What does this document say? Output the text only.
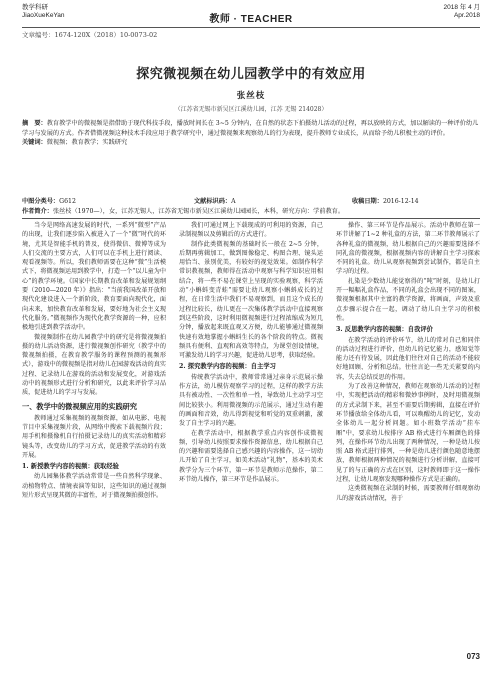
教学科研
JiaoXueKeYan	教师 · TEACHER
2018 年 4 月
Apr.2018
文章编号：1674-120X（2018）10-0073-02
探究微视频在幼儿园教学中的有效应用
张丝枝
（江苏省无锡市新吴区江溪幼儿园，江苏 无锡 214028）
摘　要：教育教学中的微视频是指借助于现代科技手段，播放时间长在 3~5 分钟内，在自然的状态下拍摄幼儿活动的过程，再以放映的方式，加以解读的一种评价幼儿学习与发展的方式。作者借微视频这种技术手段应用于教学研究中，通过微视频来观察幼儿的行为表现，提升教师专业成长，从而给予幼儿积极主动的评价。
关键词：微视频；教育教学；实践研究
中图分类号：G612	文献标识码：A	收稿日期：2016-12-14
作者简介：张丝枝（1970—），女，江苏无锡人，江苏省无锡市新吴区江溪幼儿园园长，本科，研究方向：学前教育。

当今是网络高速发展的时代，一系列“微型”产品的出现，让我们逐步陷入被进入了一个“微”时代的环境，尤其是智能手机的普及，使得微信、微博等成为人们交流的主要方式，人们可以在手机上进行阅读、观看视频等。所以，我们教师需要在这种“微”生活模式下，将微视频运用到教学中，打造一个“以儿童为中心”的教学环境。《国家中长期教育改革和发展规划纲要（2010—2020 年）》指出：“当前我国改革开放和现代化建设进入一个新阶段，教育要面向现代化，面向未来，加快教育改革和发展，要好地为社会主义现代化服务。”微视频作为现代化教学资源的一种，应积极地引进到教学活动中。

微视频制作在幼儿园教学中的研究是将微视频拍摄的幼儿活动资源，进行微视频创作研究（教学中的微视频拍摄，在教育教学服务的课程预测的视频形式），游戏中的微视频是指对幼儿在园游戏活动的真实过程、记录幼儿在游戏的活动和发展变化，对游戏活动中的视频形式进行分析和研究，以此来评价学习品质，促进幼儿的学习与发展。

一、教学中的微视频应用的实践研究

教师通过采集视频的视频资源，如从电影、电视节目中采集视频片段，从网络中搜索下载视频片段；用手机和摄像机自行拍摄记录幼儿的真实活动和精彩镜头等，改变幼儿的学习方式，促进教学活动的有效开展。

1. 新授教学内容的视频：获取经验

幼儿园集体教学活动常常是一些自然科学现象、动植物特点、情境表演等知识，这些知识的通过视频短片形式呈现其微的丰富性，对于微视频拍摄创作。

我们可通过网上下载现成的可利用的资源，自己录制视频以及剪辑后的方式进行。

制作此类微视频的基础时长一般在 2~5 分钟，后期再剪辑加工，做到图像稳定、构图合理、镜头运用恰当、景别优美，有较好的视觉效果。如制作科学常识教视频，教师得在活动中观察与科学知识应用相结合，将一些不易在课堂上呈现的实验观察，科学活动“小蝌蚪变青蛙”需要让幼儿观察小蝌蚪成长的过程，在日常生活中我们不易观察到，而且这个成长的过程比较长，幼儿更在一次集体教学活动中直接观察到这些阶段，这时利用微视频进行过程浓缩成为短几分钟，播放起来既直观又方便，幼儿能够通过微视频快速有效地掌握小蝌蚪生长的各个阶段的特点。微视频具有便利、直观和高效等特点，为课堂创设情境，可激发幼儿的学习兴趣，促进幼儿思考，获取经验。

2. 探究教学内容的视频：自主学习

传统教学活动中，教师常常通过亲身示范展示操作方法，幼儿模仿观察学习的过程，这样的教学方法具有被动性、一次性和单一性，导致幼儿主动学习空间比较狭小。利用微视频的示范展示，通过生动有趣的画面和音效，幼儿得到视觉和听觉的双重刺激，激发了自主学习的兴趣。

在教学活动中，根据教学重点内容创作成微视频，引导幼儿按照要求操作资源信息，幼儿根据自己的兴趣和需要选择自己感兴趣的内容操作，这一切幼儿开始了自主学习，如美术活动“礼物”，基本的美术教学分为三个环节，第一环节是教师示范操作，第二环节幼儿操作，第三环节是作品展示。

操作、第三环节是作品展示。活动中教师在第一环节讲解了1~2 种礼盒的方法，第二环节教师展示了各种礼盒的微视频，幼儿根据自己的兴趣需要选择不同礼盒的微视频，根据视频内容的讲解自主学习探索不同的礼盒。幼儿从观察视频到尝试制作，都是自主学习的过程。

扎染是少数幼儿能觉察得的“吨”时刻，是幼儿打开一幅幅礼盒作品，不同的礼盒会出现不同的图案，微视频根据其中主富的教学资源，将画面，声效及重点步骤示提合在一起，调动了幼儿自主学习的积极性。

3. 反思教学内容的视频：自我评价

在教学活动的评价环节，幼儿的常对自己和同伴的活动过程进行评价，但幼儿的记忆能力，感知觉等能力还有待发展，因此他们往往对自己的活动不能较好地回顾、分析和总结。往往言论一些无关紧要的内容，失去总结反思的作用。

为了改善这种情况，教师在观察幼儿活动的过程中，实现把活动的精彩和微妙事例时，及时用微视频的方式录制下来，甚至不需要后期剪辑，直接在评价环节播放给全体幼儿看，可以唤醒幼儿的记忆，发动全体幼儿一起分析问题。如小班数学活动“挂车厢”中，要求幼儿按排序 AB 格式进行车厢颜色的排列，在操作环节幼儿出现了两种情况，一种是幼儿按照 AB 格式进行排列，一种是幼儿进行颜色随意地摆放，教师根据两种情况的视频进行分析讲解，直接可见了的与正确的方式在区别，这时教师即于这一操作过程，让幼儿观察发现哪种操作方式是正确的。

这类微视频在录制的时候，需要教师仔细观察幼儿的游戏活动情况，善于

073
